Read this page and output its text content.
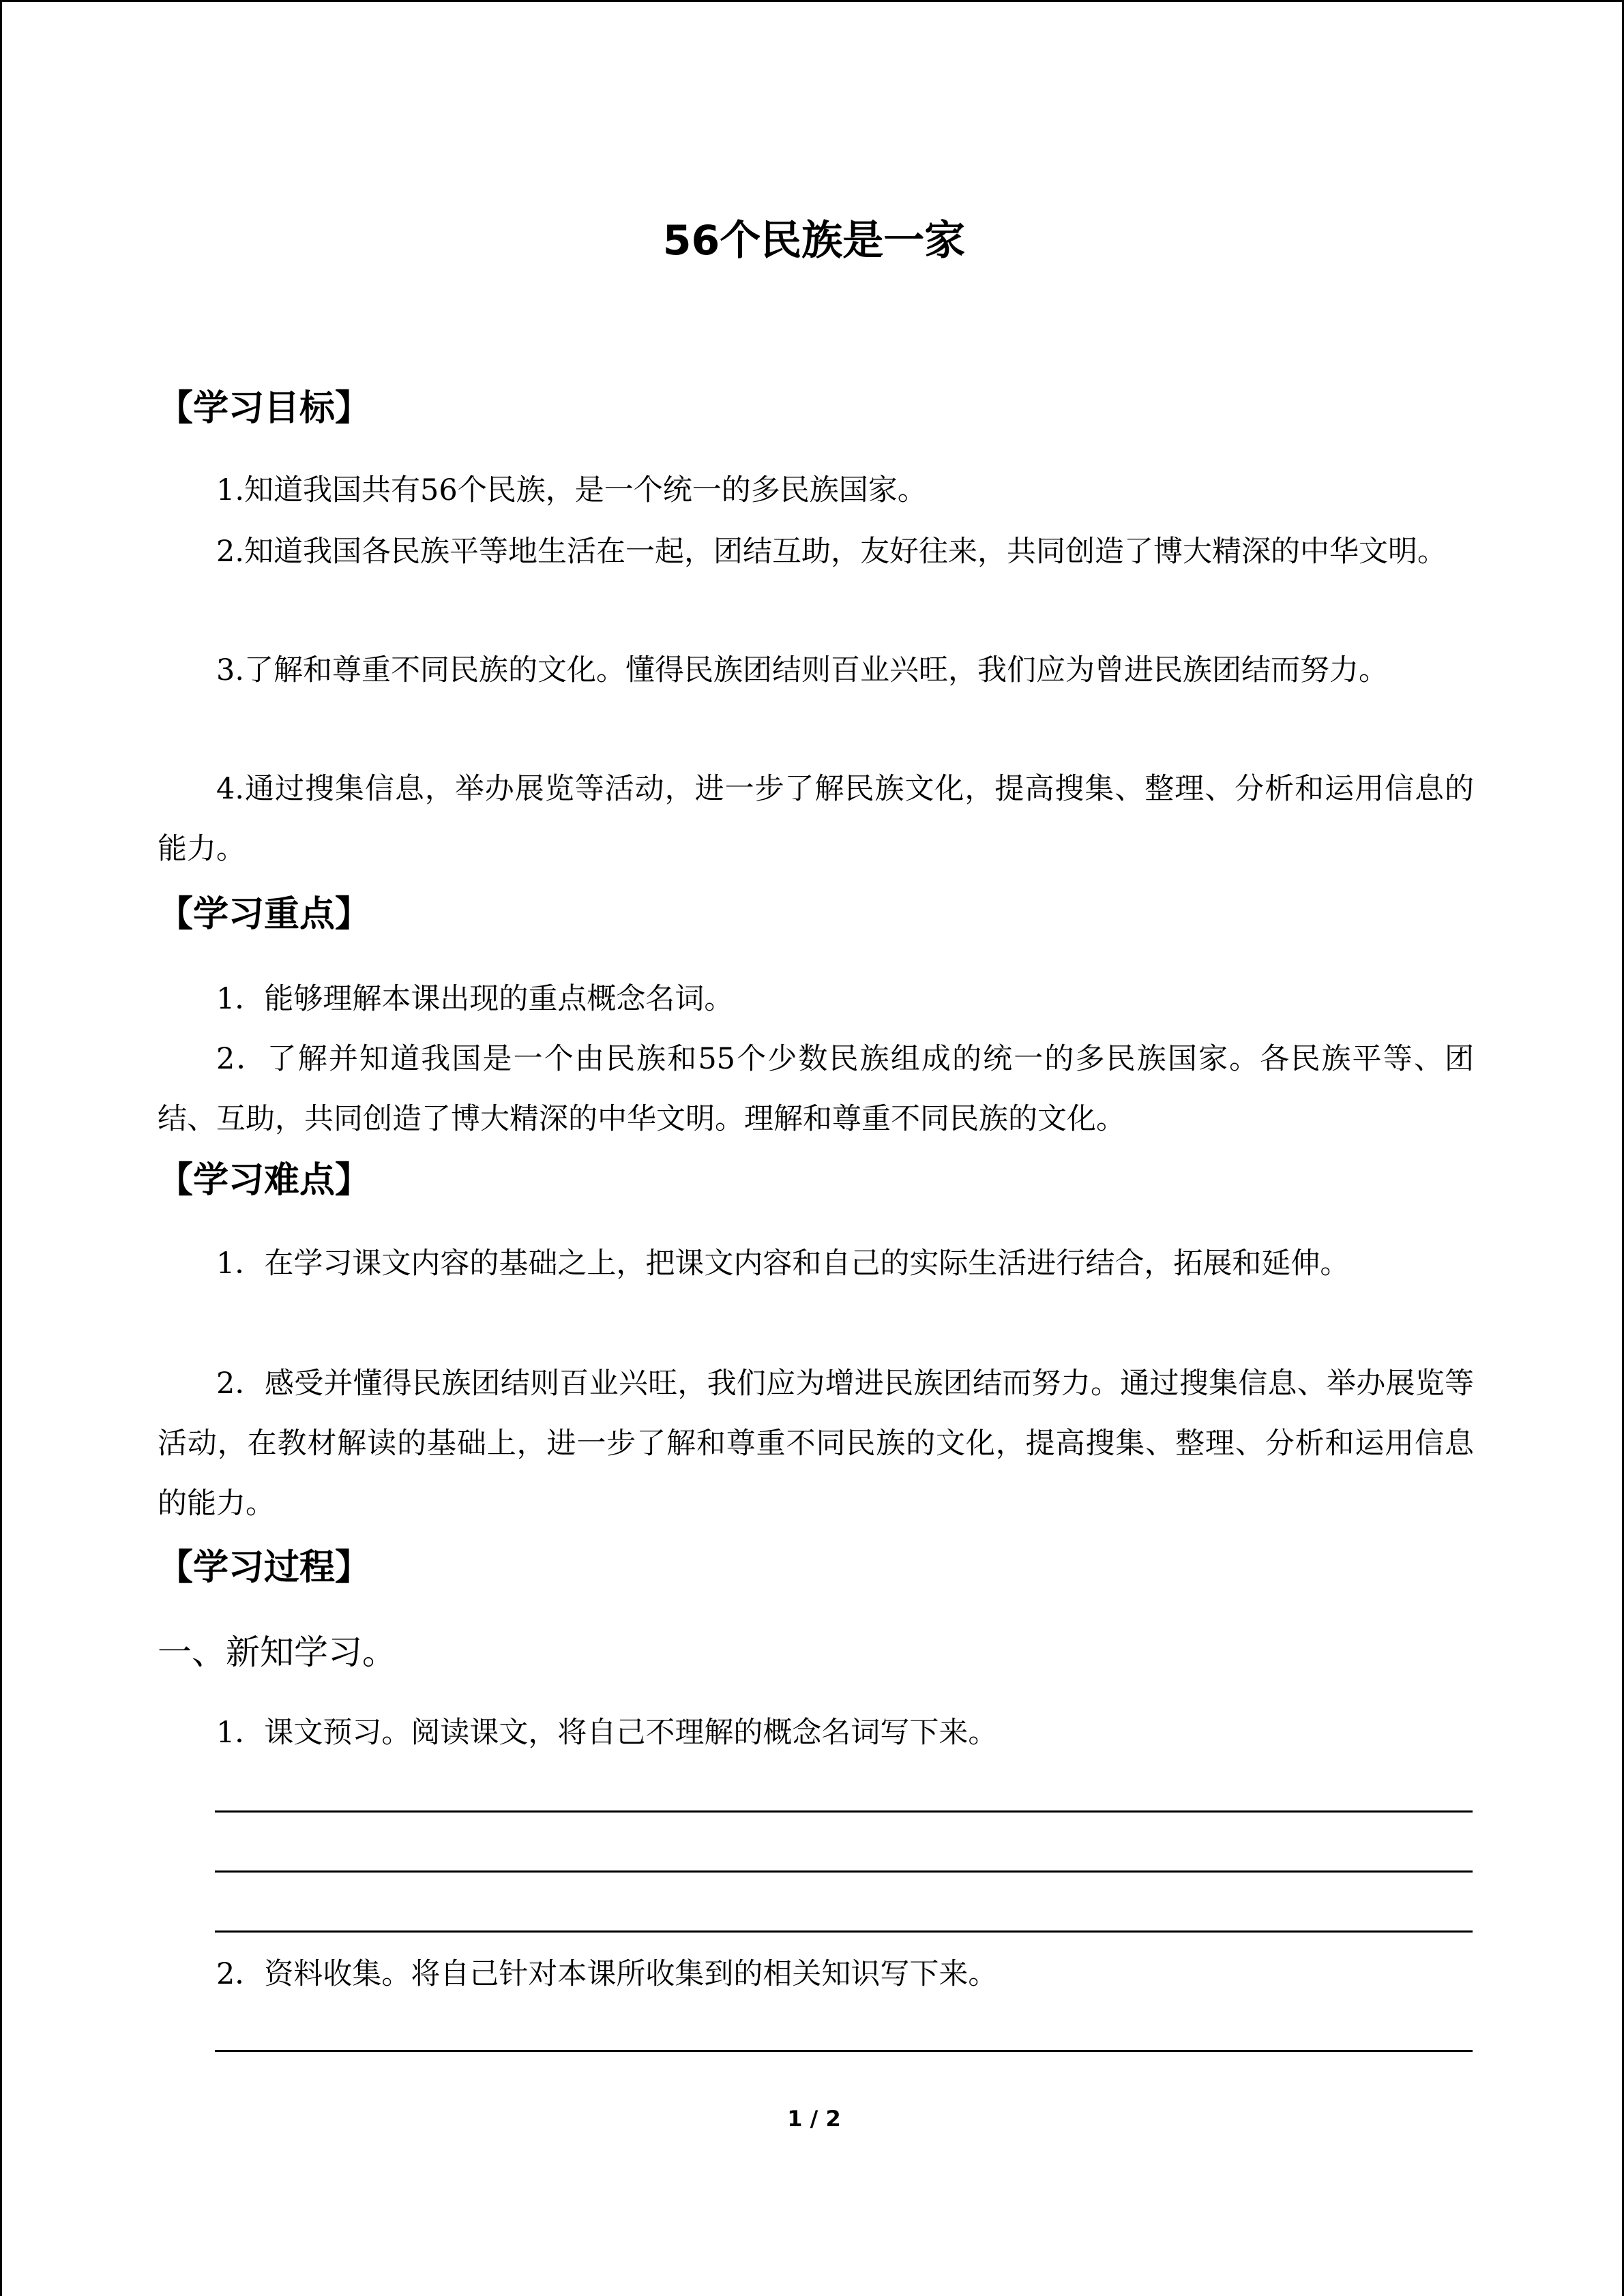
56个民族是一家
【学习目标】

1.知道我国共有56个民族，是一个统一的多民族国家。

2.知道我国各民族平等地生活在一起，团结互助，友好往来，共同创造了博大精深的中华文明。

3.了解和尊重不同民族的文化。懂得民族团结则百业兴旺，我们应为曾进民族团结而努力。

4.通过搜集信息，举办展览等活动，进一步了解民族文化，提高搜集、整理、分析和运用信息的能力。

【学习重点】

1．能够理解本课出现的重点概念名词。

2．了解并知道我国是一个由民族和55个少数民族组成的统一的多民族国家。各民族平等、团结、互助，共同创造了博大精深的中华文明。理解和尊重不同民族的文化。

【学习难点】

1．在学习课文内容的基础之上，把课文内容和自己的实际生活进行结合，拓展和延伸。

2．感受并懂得民族团结则百业兴旺，我们应为增进民族团结而努力。通过搜集信息、举办展览等活动，在教材解读的基础上，进一步了解和尊重不同民族的文化，提高搜集、整理、分析和运用信息的能力。

【学习过程】
一、新知学习。

1．课文预习。阅读课文，将自己不理解的概念名词写下来。

2．资料收集。将自己针对本课所收集到的相关知识写下来。

1 / 2
